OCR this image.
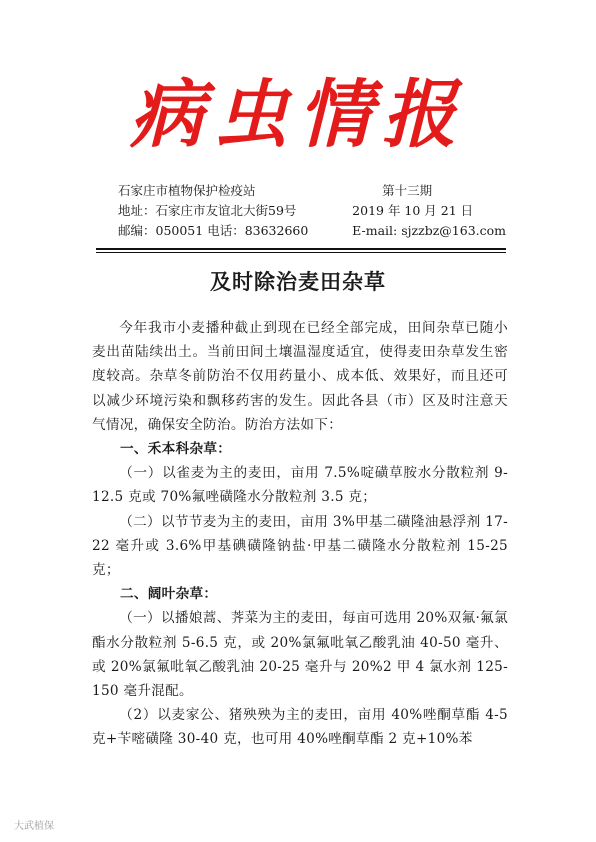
病虫情报
石家庄市植物保护检疫站
地址：石家庄市友谊北大街59号
邮编：050051 电话：83632660
第十三期
2019 年 10 月 21 日
E-mail: sjzzbz@163.com
及时除治麦田杂草

今年我市小麦播种截止到现在已经全部完成，田间杂草已随小麦出苗陆续出土。当前田间土壤温湿度适宜，使得麦田杂草发生密度较高。杂草冬前防治不仅用药量小、成本低、效果好，而且还可以减少环境污染和飘移药害的发生。因此各县（市）区及时注意天气情况，确保安全防治。防治方法如下：

一、禾本科杂草：

（一）以雀麦为主的麦田，亩用 7.5%啶磺草胺水分散粒剂 9-12.5 克或 70%氟唑磺隆水分散粒剂 3.5 克；

（二）以节节麦为主的麦田，亩用 3%甲基二磺隆油悬浮剂 17-22 毫升或 3.6%甲基碘磺隆钠盐·甲基二磺隆水分散粒剂 15-25 克；

二、阔叶杂草：

（一）以播娘蒿、荠菜为主的麦田，每亩可选用 20%双氟·氟氯酯水分散粒剂 5-6.5 克，或 20%氯氟吡氧乙酸乳油 40-50 毫升、或 20%氯氟吡氧乙酸乳油 20-25 毫升与 20%2 甲 4 氯水剂 125-150 毫升混配。

（2）以麦家公、猪殃殃为主的麦田，亩用 40%唑酮草酯 4-5 克+苄嘧磺隆 30-40 克，也可用 40%唑酮草酯 2 克+10%苯

大武植保
